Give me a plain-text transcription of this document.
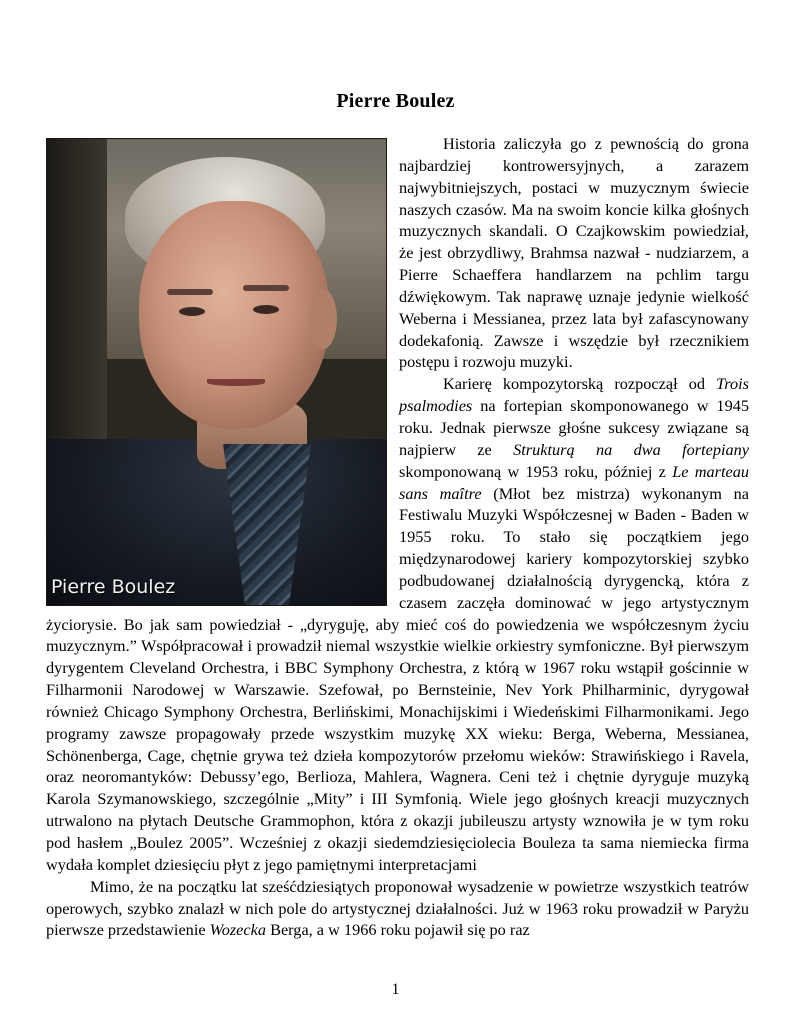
Pierre Boulez
Pierre Boulez

Historia zaliczyła go z pewnością do grona najbardziej kontrowersyjnych, a zarazem najwybitniejszych, postaci w muzycznym świecie naszych czasów. Ma na swoim koncie kilka głośnych muzycznych skandali. O Czajkowskim powiedział, że jest obrzydliwy, Brahmsa nazwał - nudziarzem, a Pierre Schaeffera handlarzem na pchlim targu dźwiękowym. Tak naprawę uznaje jedynie wielkość Weberna i Messianea, przez lata był zafascynowany dodekafonią. Zawsze i wszędzie był rzecznikiem postępu i rozwoju muzyki.

Karierę kompozytorską rozpoczął od Trois psalmodies na fortepian skomponowanego w 1945 roku. Jednak pierwsze głośne sukcesy związane są najpierw ze Strukturą na dwa fortepiany skomponowaną w 1953 roku, później z Le marteau sans maître (Młot bez mistrza) wykonanym na Festiwalu Muzyki Współczesnej w Baden - Baden w 1955 roku. To stało się początkiem jego międzynarodowej kariery kompozytorskiej szybko podbudowanej działalnością dyrygencką, która z czasem zaczęła dominować w jego artystycznym życiorysie. Bo jak sam powiedział - „dyryguję, aby mieć coś do powiedzenia we współczesnym życiu muzycznym.” Współpracował i prowadził niemal wszystkie wielkie orkiestry symfoniczne. Był pierwszym dyrygentem Cleveland Orchestra, i BBC Symphony Orchestra, z którą w 1967 roku wstąpił gościnnie w Filharmonii Narodowej w Warszawie. Szefował, po Bernsteinie, Nev York Philharminic, dyrygował również Chicago Symphony Orchestra, Berlińskimi, Monachijskimi i Wiedeńskimi Filharmonikami. Jego programy zawsze propagowały przede wszystkim muzykę XX wieku: Berga, Weberna, Messianea, Schönenberga, Cage, chętnie grywa też dzieła kompozytorów przełomu wieków: Strawińskiego i Ravela, oraz neoromantyków: Debussy’ego, Berlioza, Mahlera, Wagnera. Ceni też i chętnie dyryguje muzyką Karola Szymanowskiego, szczególnie „Mity” i III Symfonią. Wiele jego głośnych kreacji muzycznych utrwalono na płytach Deutsche Grammophon, która z okazji jubileuszu artysty wznowiła je w tym roku pod hasłem „Boulez 2005”. Wcześniej z okazji siedemdziesięciolecia Bouleza ta sama niemiecka firma wydała komplet dziesięciu płyt z jego pamiętnymi interpretacjami

Mimo, że na początku lat sześćdziesiątych proponował wysadzenie w powietrze wszystkich teatrów operowych, szybko znalazł w nich pole do artystycznej działalności. Już w 1963 roku prowadził w Paryżu pierwsze przedstawienie Wozecka Berga, a w 1966 roku pojawił się po raz

1
